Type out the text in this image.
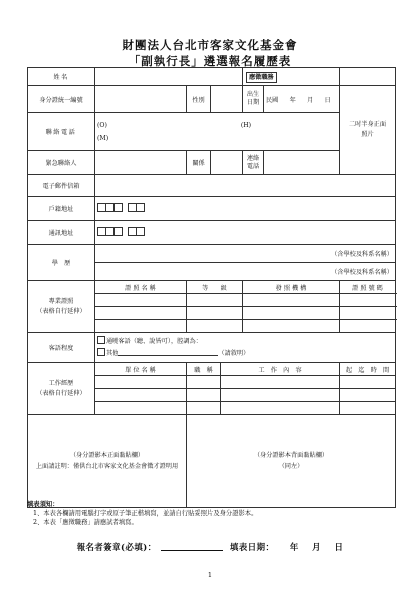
財團法人台北市客家文化基金會
「副執行長」遴選報名履歷表
姓名					應徵職務		
身分證統一編號		性別			出生日期	民國   年   月   日	二吋半身正面照片
聯絡電話	(O) (H)
(M)						
緊急聯絡人		關係			連絡電話		
電子郵件信箱							
戶籍地址							

通訊地址							

學　歷	（含學校及科系名稱）						
	（含學校及科系名稱）						
專業證照
（表格自行延伸）	證 照 名 稱	等　　級			發 照 機 構		證 照 號 碼

客語程度	通曉客語（聽、說皆可），腔調為：
其他 （請敘明）						
工作經歷
（表格自行延伸）	單 位 名 稱	職　稱		工　作　內　容			起　迄　時　間

（身分證影本正面黏貼欄）
上面請註明：僅供台北市客家文化基金會徵才證明用		（身分證影本背面黏貼欄）
（同左）					
填表須知：
1、本表各欄請用電腦打字或原子筆正楷填寫，並請自行貼妥照片及身分證影本。
2、本表「應徵職務」請應試者填寫。
報名者簽章(必填)：	填表日期： 年 月 日
1
